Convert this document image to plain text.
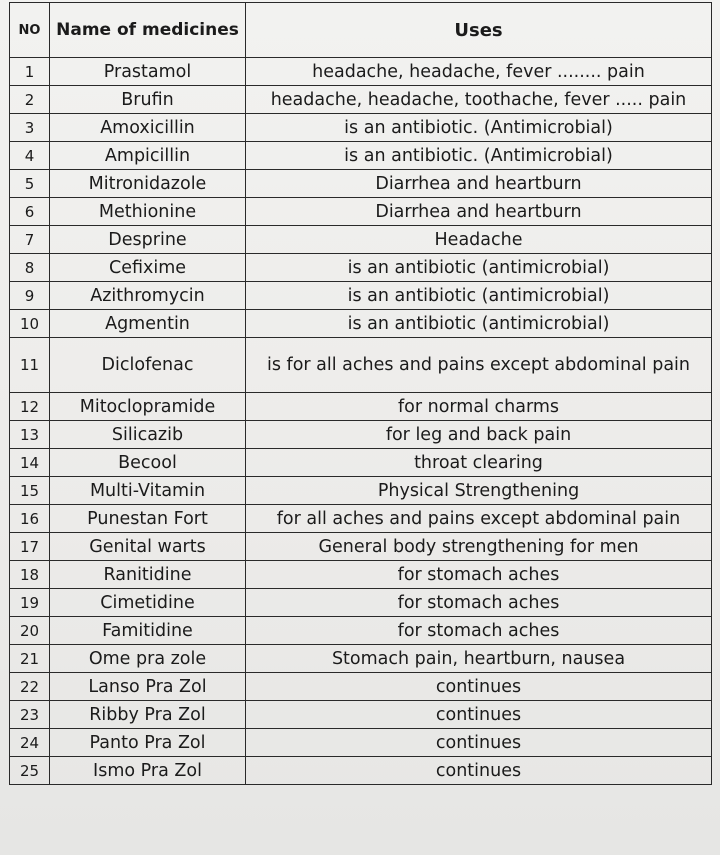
NO	Name of medicines	Uses
1	Prastamol	headache, headache, fever ........ pain
2	Brufin	headache, headache, toothache, fever ..... pain
3	Amoxicillin	is an antibiotic. (Antimicrobial)
4	Ampicillin	is an antibiotic. (Antimicrobial)
5	Mitronidazole	Diarrhea and heartburn
6	Methionine	Diarrhea and heartburn
7	Desprine	Headache
8	Cefixime	is an antibiotic (antimicrobial)
9	Azithromycin	is an antibiotic (antimicrobial)
10	Agmentin	is an antibiotic (antimicrobial)
11	Diclofenac	is for all aches and pains except abdominal pain
12	Mitoclopramide	for normal charms
13	Silicazib	for leg and back pain
14	Becool	throat clearing
15	Multi-Vitamin	Physical Strengthening
16	Punestan Fort	for all aches and pains except abdominal pain
17	Genital warts	General body strengthening for men
18	Ranitidine	for stomach aches
19	Cimetidine	for stomach aches
20	Famitidine	for stomach aches
21	Ome pra zole	Stomach pain, heartburn, nausea
22	Lanso Pra Zol	continues
23	Ribby Pra Zol	continues
24	Panto Pra Zol	continues
25	Ismo Pra Zol	continues
